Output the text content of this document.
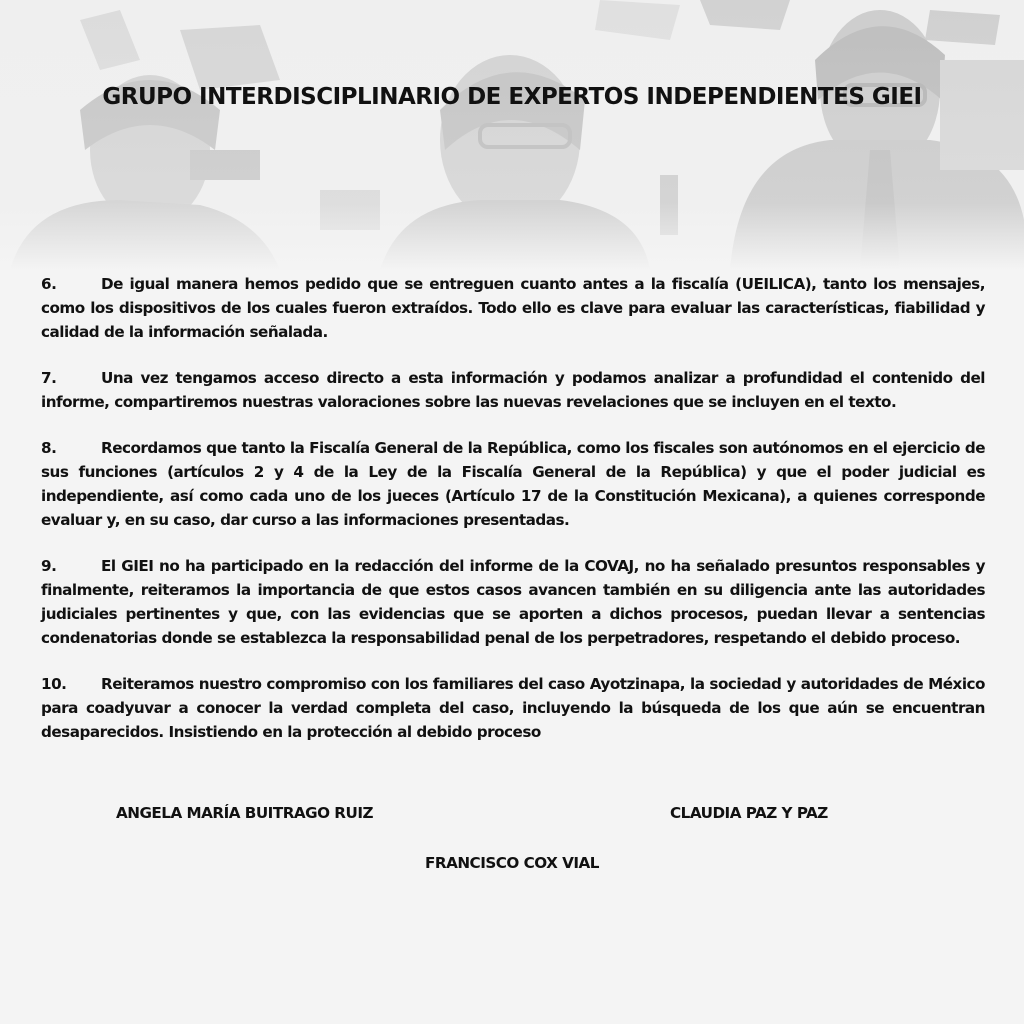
GRUPO INTERDISCIPLINARIO DE EXPERTOS INDEPENDIENTES GIEI

6.	De igual manera hemos pedido que se entreguen cuanto antes a la fiscalía (UEILICA), tanto los mensajes, como los dispositivos de los cuales fueron extraídos. Todo ello es clave para evaluar las características, fiabilidad y calidad de la información señalada.

7.	Una vez tengamos acceso directo a esta información y podamos analizar a profundidad el contenido del informe, compartiremos nuestras valoraciones sobre las nuevas revelaciones que se incluyen en el texto.

8.	Recordamos que tanto la Fiscalía General de la República, como los fiscales son autónomos en el ejercicio de sus funciones (artículos 2 y 4 de la Ley de la Fiscalía General de la República) y que el poder judicial es independiente, así como cada uno de los jueces (Artículo 17 de la Constitución Mexicana), a quienes corresponde evaluar y, en su caso, dar curso a las informaciones presentadas.

9.	El GIEI no ha participado en la redacción del informe de la COVAJ, no ha señalado presuntos responsables y finalmente, reiteramos la importancia de que estos casos avancen también en su diligencia ante las autoridades judiciales pertinentes y que, con las evidencias que se aporten a dichos procesos, puedan llevar a sentencias condenatorias donde se establezca la responsabilidad penal de los perpetradores, respetando el debido proceso.

10. Reiteramos nuestro compromiso con los familiares del caso Ayotzinapa, la sociedad y autoridades de México para coadyuvar a conocer la verdad completa del caso, incluyendo la búsqueda de los que aún se encuentran desaparecidos. Insistiendo en la protección al debido proceso

ANGELA MARÍA BUITRAGO RUIZ	CLAUDIA PAZ Y PAZ
FRANCISCO COX VIAL
